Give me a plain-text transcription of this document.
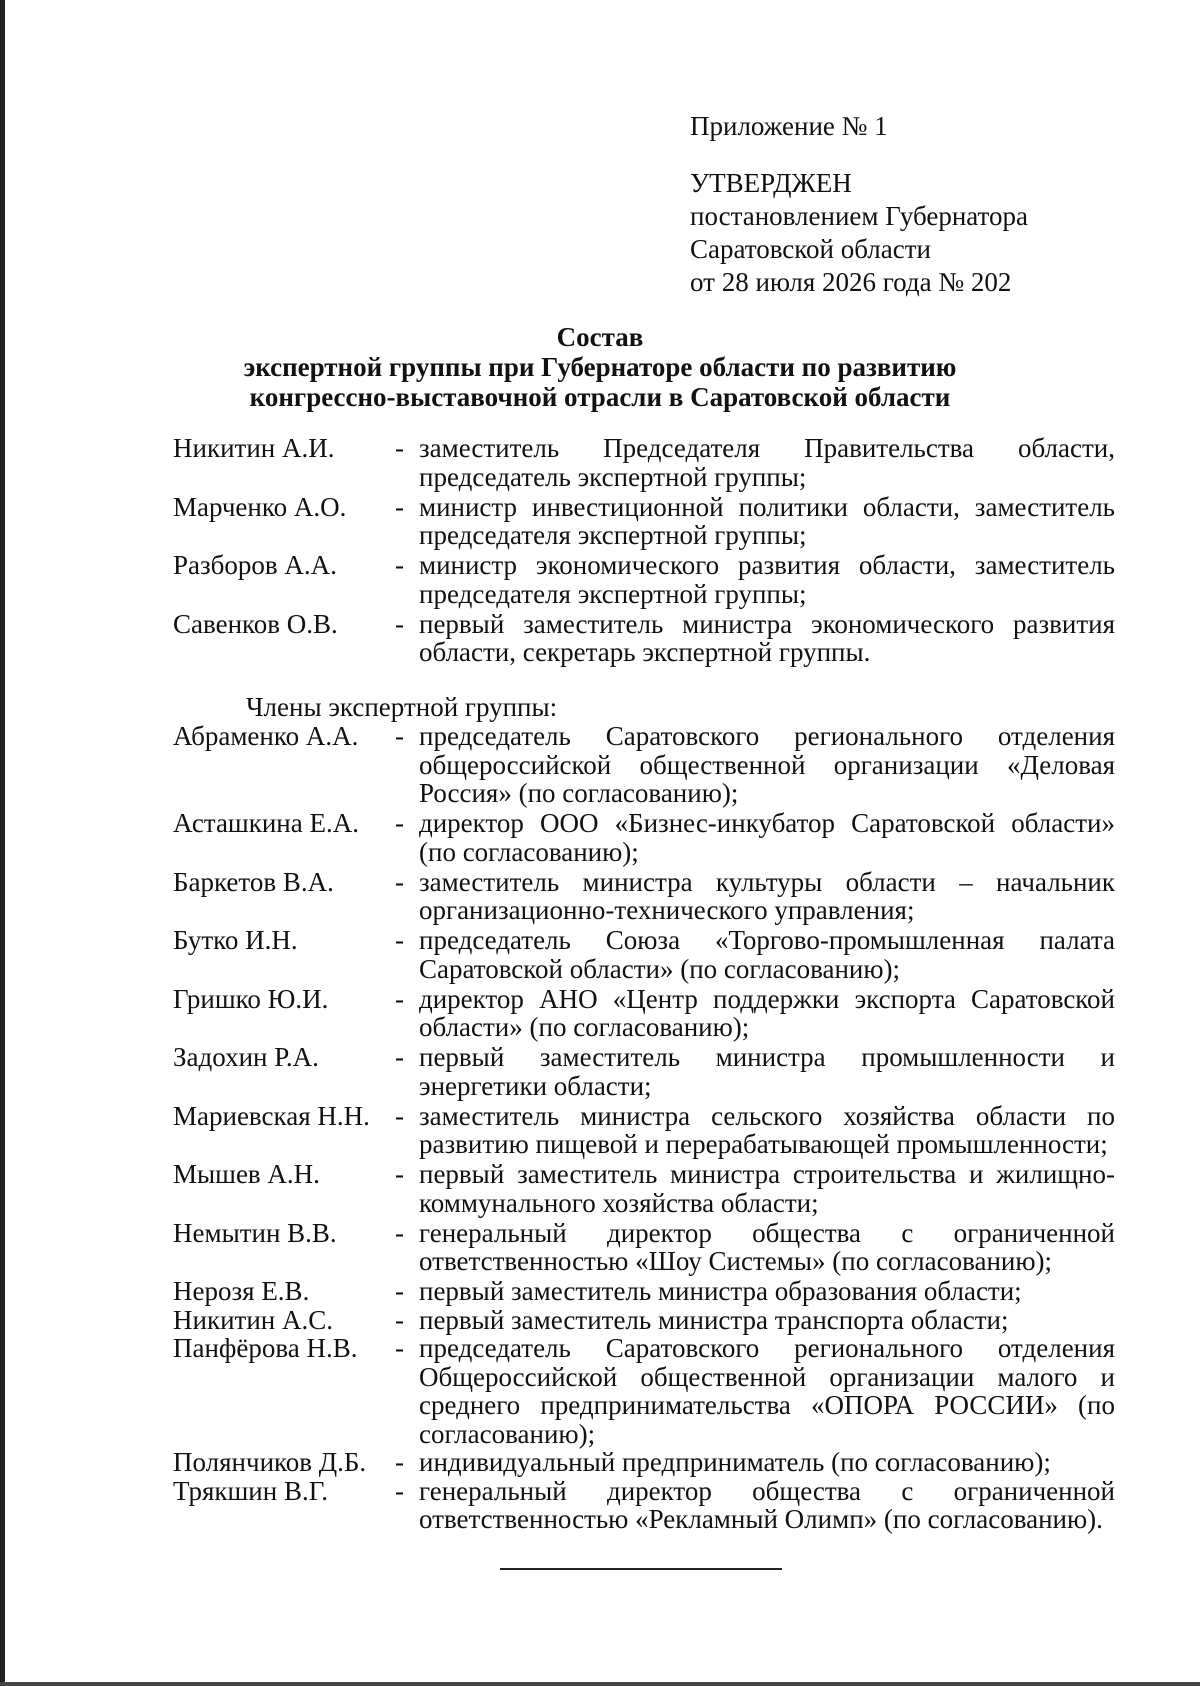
Приложение № 1
УТВЕРДЖЕН
постановлением Губернатора
Саратовской области
от 28 июля 2026 года № 202
Состав
экспертной группы при Губернаторе области по развитию
конгрессно-выставочной отрасли в Саратовской области
Никитин А.И.	- заместитель Председателя Правительства области, председатель экспертной группы;
Марченко А.О.	- министр инвестиционной политики области, заместитель председателя экспертной группы;
Разборов А.А.	- министр экономического развития области, заместитель председателя экспертной группы;
Савенков О.В.	- первый заместитель министра экономического развития области, секретарь экспертной группы.
Члены экспертной группы:
Абраменко А.А.	- председатель Саратовского регионального отделения общероссийской общественной организации «Деловая Россия» (по согласованию);
Асташкина Е.А.	- директор ООО «Бизнес-инкубатор Саратовской области» (по согласованию);
Баркетов В.А.	- заместитель министра культуры области – начальник организационно-технического управления;
Бутко И.Н.	- председатель Союза «Торгово-промышленная палата Саратовской области» (по согласованию);
Гришко Ю.И.	- директор АНО «Центр поддержки экспорта Саратовской области» (по согласованию);
Задохин Р.А.	- первый заместитель министра промышленности и энергетики области;
Мариевская Н.Н. - заместитель министра сельского хозяйства области по развитию пищевой и перерабатывающей промышленности;
Мышев А.Н.	- первый заместитель министра строительства и жилищно-коммунального хозяйства области;
Немытин В.В.	- генеральный директор общества с ограниченной ответственностью «Шоу Системы» (по согласованию);
Нерозя Е.В.	- первый заместитель министра образования области;
Никитин А.С.	- первый заместитель министра транспорта области;
Панфёрова Н.В.	- председатель Саратовского регионального отделения Общероссийской общественной организации малого и среднего предпринимательства «ОПОРА РОССИИ» (по согласованию);
Полянчиков Д.Б.	- индивидуальный предприниматель (по согласованию);
Трякшин В.Г.	- генеральный директор общества с ограниченной ответственностью «Рекламный Олимп» (по согласованию).
